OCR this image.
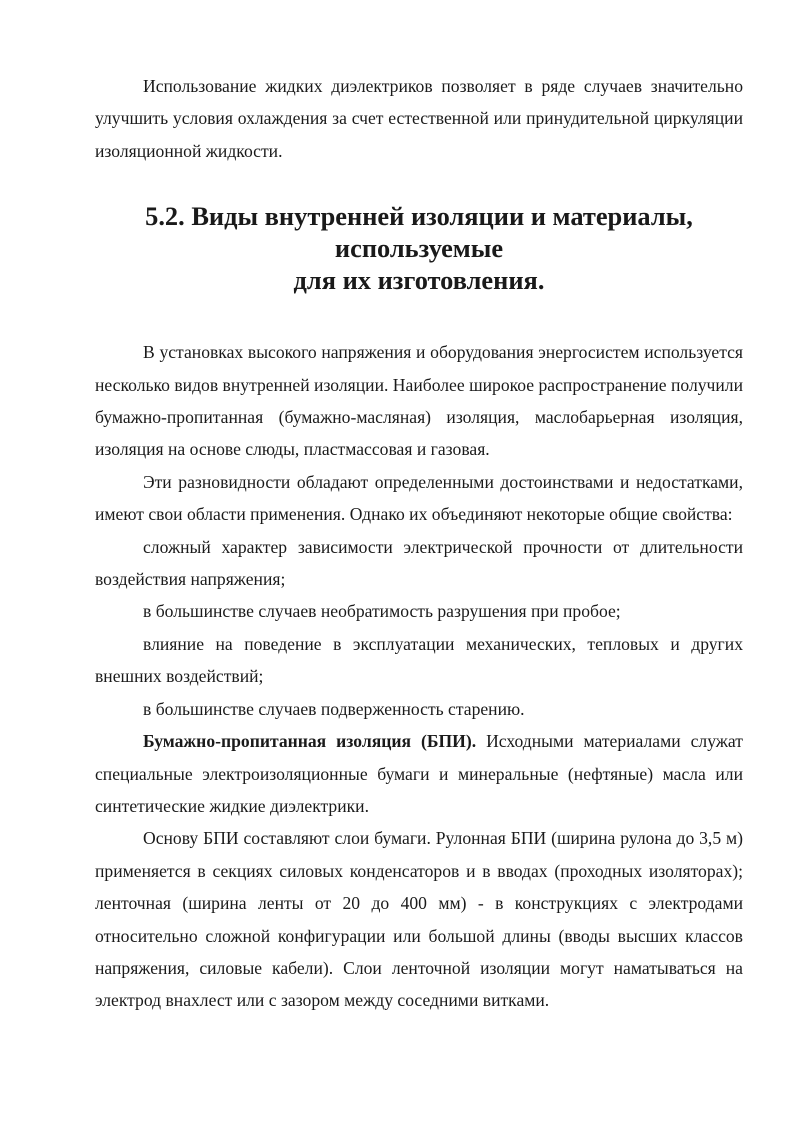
Использование жидких диэлектриков позволяет в ряде случаев значительно улучшить условия охлаждения за счет естественной или принудительной циркуляции изоляционной жидкости.

5.2. Виды внутренней изоляции и материалы, используемые
для их изготовления.

В установках высокого напряжения и оборудования энергосистем используется несколько видов внутренней изоляции. Наиболее широкое распространение получили бумажно-пропитанная (бумажно-масляная) изоляция, маслобарьерная изоляция, изоляция на основе слюды, пластмассовая и газовая.

Эти разновидности обладают определенными достоинствами и недостатками, имеют свои области применения. Однако их объединяют некоторые общие свойства:

сложный характер зависимости электрической прочности от длительности воздействия напряжения;

в большинстве случаев необратимость разрушения при пробое;

влияние на поведение в эксплуатации механических, тепловых и других внешних воздействий;

в большинстве случаев подверженность старению.

Бумажно-пропитанная изоляция (БПИ). Исходными материалами служат специальные электроизоляционные бумаги и минеральные (нефтяные) масла или синтетические жидкие диэлектрики.

Основу БПИ составляют слои бумаги. Рулонная БПИ (ширина рулона до 3,5 м) применяется в секциях силовых конденсаторов и в вводах (проходных изоляторах); ленточная (ширина ленты от 20 до 400 мм) - в конструкциях с электродами относительно сложной конфигурации или большой длины (вводы высших классов напряжения, силовые кабели). Слои ленточной изоляции могут наматываться на электрод внахлест или с зазором между соседними витками.
